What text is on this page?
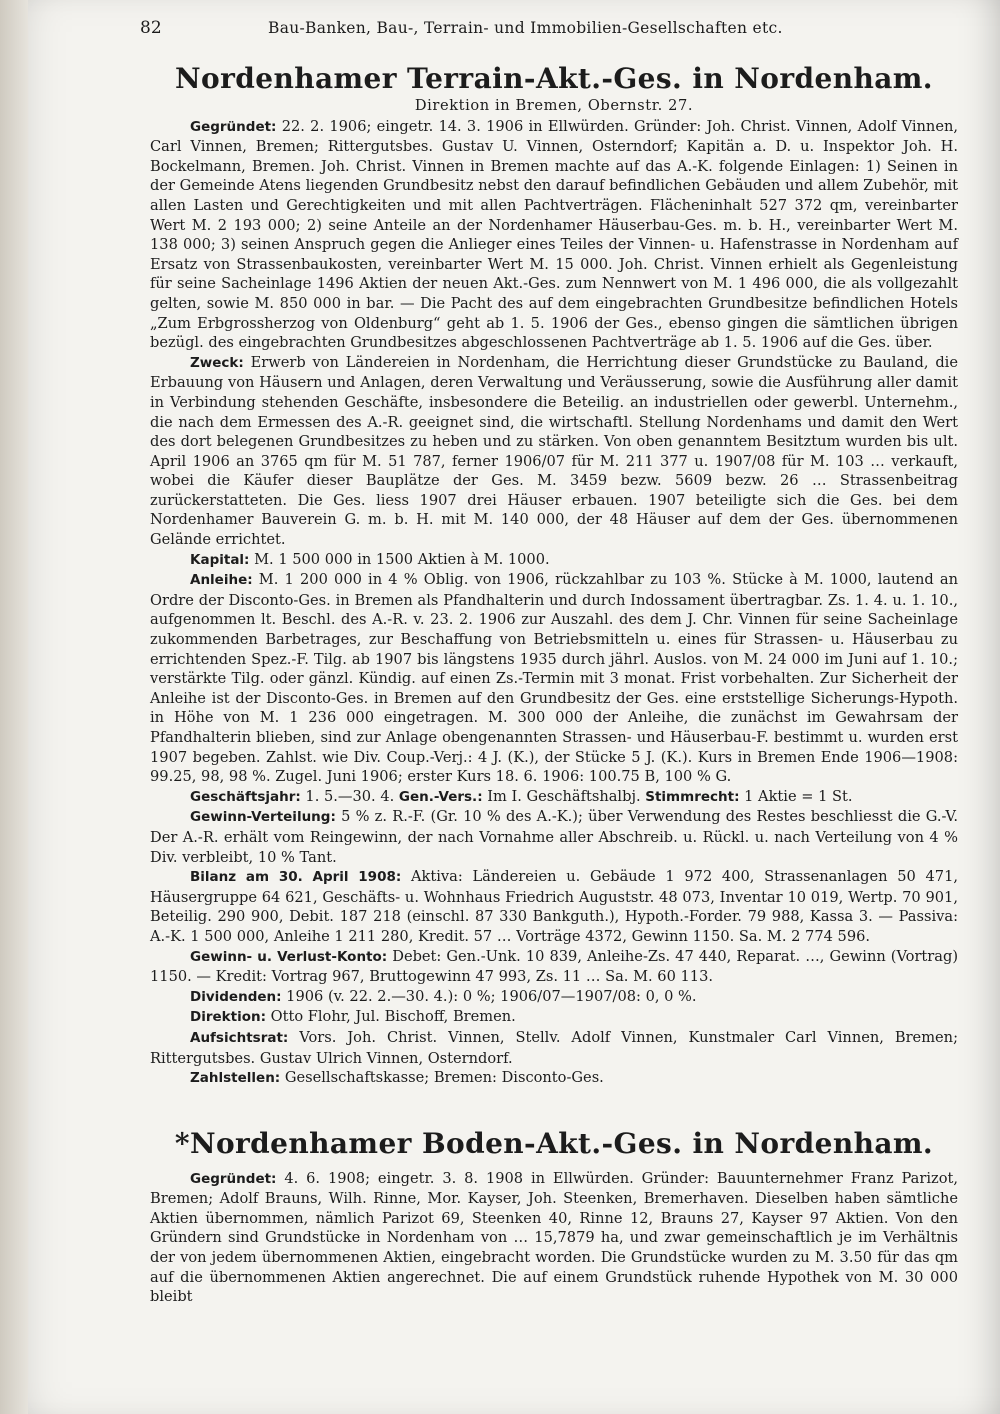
82	Bau-Banken, Bau-, Terrain- und Immobilien-Gesellschaften etc.
Nordenhamer Terrain-Akt.-Ges. in Nordenham.
Direktion in Bremen, Obernstr. 27.

Gegründet: 22. 2. 1906; eingetr. 14. 3. 1906 in Ellwürden. Gründer: Joh. Christ. Vinnen, Adolf Vinnen, Carl Vinnen, Bremen; Rittergutsbes. Gustav U. Vinnen, Osterndorf; Kapitän a. D. u. Inspektor Joh. H. Bockelmann, Bremen. Joh. Christ. Vinnen in Bremen machte auf das A.-K. folgende Einlagen: 1) Seinen in der Gemeinde Atens liegenden Grundbesitz nebst den darauf befindlichen Gebäuden und allem Zubehör, mit allen Lasten und Gerechtigkeiten und mit allen Pachtverträgen. Flächeninhalt 527 372 qm, vereinbarter Wert M. 2 193 000; 2) seine Anteile an der Nordenhamer Häuserbau-Ges. m. b. H., vereinbarter Wert M. 138 000; 3) seinen Anspruch gegen die Anlieger eines Teiles der Vinnen- u. Hafenstrasse in Nordenham auf Ersatz von Strassenbaukosten, vereinbarter Wert M. 15 000. Joh. Christ. Vinnen erhielt als Gegenleistung für seine Sacheinlage 1496 Aktien der neuen Akt.-Ges. zum Nennwert von M. 1 496 000, die als vollgezahlt gelten, sowie M. 850 000 in bar. — Die Pacht des auf dem eingebrachten Grundbesitze befindlichen Hotels „Zum Erbgrossherzog von Oldenburg“ geht ab 1. 5. 1906 der Ges., ebenso gingen die sämtlichen übrigen bezügl. des eingebrachten Grundbesitzes abgeschlossenen Pachtverträge ab 1. 5. 1906 auf die Ges. über.

Zweck: Erwerb von Ländereien in Nordenham, die Herrichtung dieser Grundstücke zu Bauland, die Erbauung von Häusern und Anlagen, deren Verwaltung und Veräusserung, sowie die Ausführung aller damit in Verbindung stehenden Geschäfte, insbesondere die Beteilig. an industriellen oder gewerbl. Unternehm., die nach dem Ermessen des A.-R. geeignet sind, die wirtschaftl. Stellung Nordenhams und damit den Wert des dort belegenen Grundbesitzes zu heben und zu stärken. Von oben genanntem Besitztum wurden bis ult. April 1906 an 3765 qm für M. 51 787, ferner 1906/07 für M. 211 377 u. 1907/08 für M. 103 … verkauft, wobei die Käufer dieser Bauplätze der Ges. M. 3459 bezw. 5609 bezw. 26 … Strassenbeitrag zurückerstatteten. Die Ges. liess 1907 drei Häuser erbauen. 1907 beteiligte sich die Ges. bei dem Nordenhamer Bauverein G. m. b. H. mit M. 140 000, der 48 Häuser auf dem der Ges. übernommenen Gelände errichtet.

Kapital: M. 1 500 000 in 1500 Aktien à M. 1000.

Anleihe: M. 1 200 000 in 4 % Oblig. von 1906, rückzahlbar zu 103 %. Stücke à M. 1000, lautend an Ordre der Disconto-Ges. in Bremen als Pfandhalterin und durch Indossament übertragbar. Zs. 1. 4. u. 1. 10., aufgenommen lt. Beschl. des A.-R. v. 23. 2. 1906 zur Auszahl. des dem J. Chr. Vinnen für seine Sacheinlage zukommenden Barbetrages, zur Beschaffung von Betriebsmitteln u. eines für Strassen- u. Häuserbau zu errichtenden Spez.-F. Tilg. ab 1907 bis längstens 1935 durch jährl. Auslos. von M. 24 000 im Juni auf 1. 10.; verstärkte Tilg. oder gänzl. Kündig. auf einen Zs.-Termin mit 3 monat. Frist vorbehalten. Zur Sicherheit der Anleihe ist der Disconto-Ges. in Bremen auf den Grundbesitz der Ges. eine erststellige Sicherungs-Hypoth. in Höhe von M. 1 236 000 eingetragen. M. 300 000 der Anleihe, die zunächst im Gewahrsam der Pfandhalterin blieben, sind zur Anlage obengenannten Strassen- und Häuserbau-F. bestimmt u. wurden erst 1907 begeben. Zahlst. wie Div. Coup.-Verj.: 4 J. (K.), der Stücke 5 J. (K.). Kurs in Bremen Ende 1906—1908: 99.25, 98, 98 %. Zugel. Juni 1906; erster Kurs 18. 6. 1906: 100.75 B, 100 % G.

Geschäftsjahr: 1. 5.—30. 4. Gen.-Vers.: Im I. Geschäftshalbj. Stimmrecht: 1 Aktie = 1 St.

Gewinn-Verteilung: 5 % z. R.-F. (Gr. 10 % des A.-K.); über Verwendung des Restes beschliesst die G.-V. Der A.-R. erhält vom Reingewinn, der nach Vornahme aller Abschreib. u. Rückl. u. nach Verteilung von 4 % Div. verbleibt, 10 % Tant.

Bilanz am 30. April 1908: Aktiva: Ländereien u. Gebäude 1 972 400, Strassenanlagen 50 471, Häusergruppe 64 621, Geschäfts- u. Wohnhaus Friedrich Auguststr. 48 073, Inventar 10 019, Wertp. 70 901, Beteilig. 290 900, Debit. 187 218 (einschl. 87 330 Bankguth.), Hypoth.-Forder. 79 988, Kassa 3. — Passiva: A.-K. 1 500 000, Anleihe 1 211 280, Kredit. 57 … Vorträge 4372, Gewinn 1150. Sa. M. 2 774 596.

Gewinn- u. Verlust-Konto: Debet: Gen.-Unk. 10 839, Anleihe-Zs. 47 440, Reparat. …, Gewinn (Vortrag) 1150. — Kredit: Vortrag 967, Bruttogewinn 47 993, Zs. 11 … Sa. M. 60 113.

Dividenden: 1906 (v. 22. 2.—30. 4.): 0 %; 1906/07—1907/08: 0, 0 %.

Direktion: Otto Flohr, Jul. Bischoff, Bremen.

Aufsichtsrat: Vors. Joh. Christ. Vinnen, Stellv. Adolf Vinnen, Kunstmaler Carl Vinnen, Bremen; Rittergutsbes. Gustav Ulrich Vinnen, Osterndorf.

Zahlstellen: Gesellschaftskasse; Bremen: Disconto-Ges.

*Nordenhamer Boden-Akt.-Ges. in Nordenham.

Gegründet: 4. 6. 1908; eingetr. 3. 8. 1908 in Ellwürden. Gründer: Bauunternehmer Franz Parizot, Bremen; Adolf Brauns, Wilh. Rinne, Mor. Kayser, Joh. Steenken, Bremerhaven. Dieselben haben sämtliche Aktien übernommen, nämlich Parizot 69, Steenken 40, Rinne 12, Brauns 27, Kayser 97 Aktien. Von den Gründern sind Grundstücke in Nordenham von … 15,7879 ha, und zwar gemeinschaftlich je im Verhältnis der von jedem übernommenen Aktien, eingebracht worden. Die Grundstücke wurden zu M. 3.50 für das qm auf die übernommenen Aktien angerechnet. Die auf einem Grundstück ruhende Hypothek von M. 30 000 bleibt
